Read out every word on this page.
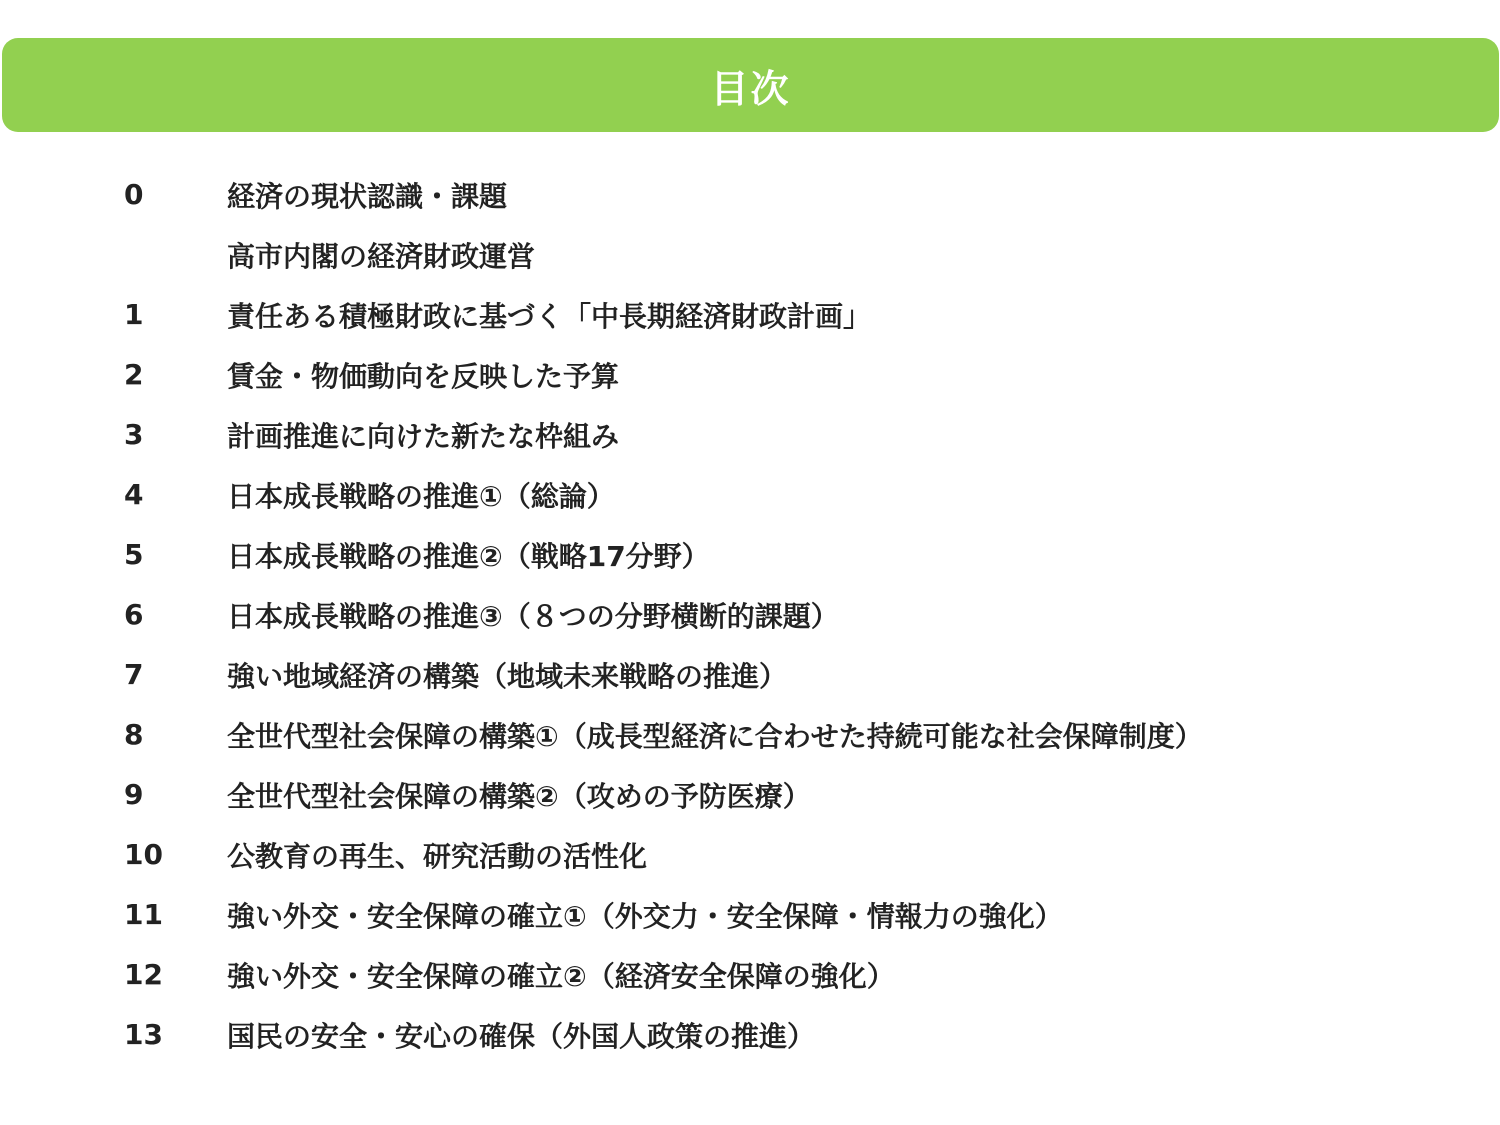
目次
0	経済の現状認識・課題
高市内閣の経済財政運営
1	責任ある積極財政に基づく「中長期経済財政計画」
2	賃金・物価動向を反映した予算
3	計画推進に向けた新たな枠組み
4	日本成長戦略の推進①（総論）
5	日本成長戦略の推進②（戦略17分野）
6	日本成長戦略の推進③（８つの分野横断的課題）
7	強い地域経済の構築（地域未来戦略の推進）
8	全世代型社会保障の構築①（成長型経済に合わせた持続可能な社会保障制度）
9	全世代型社会保障の構築②（攻めの予防医療）
10 公教育の再生、研究活動の活性化
11 強い外交・安全保障の確立①（外交力・安全保障・情報力の強化）
12 強い外交・安全保障の確立②（経済安全保障の強化）
13 国民の安全・安心の確保（外国人政策の推進）
